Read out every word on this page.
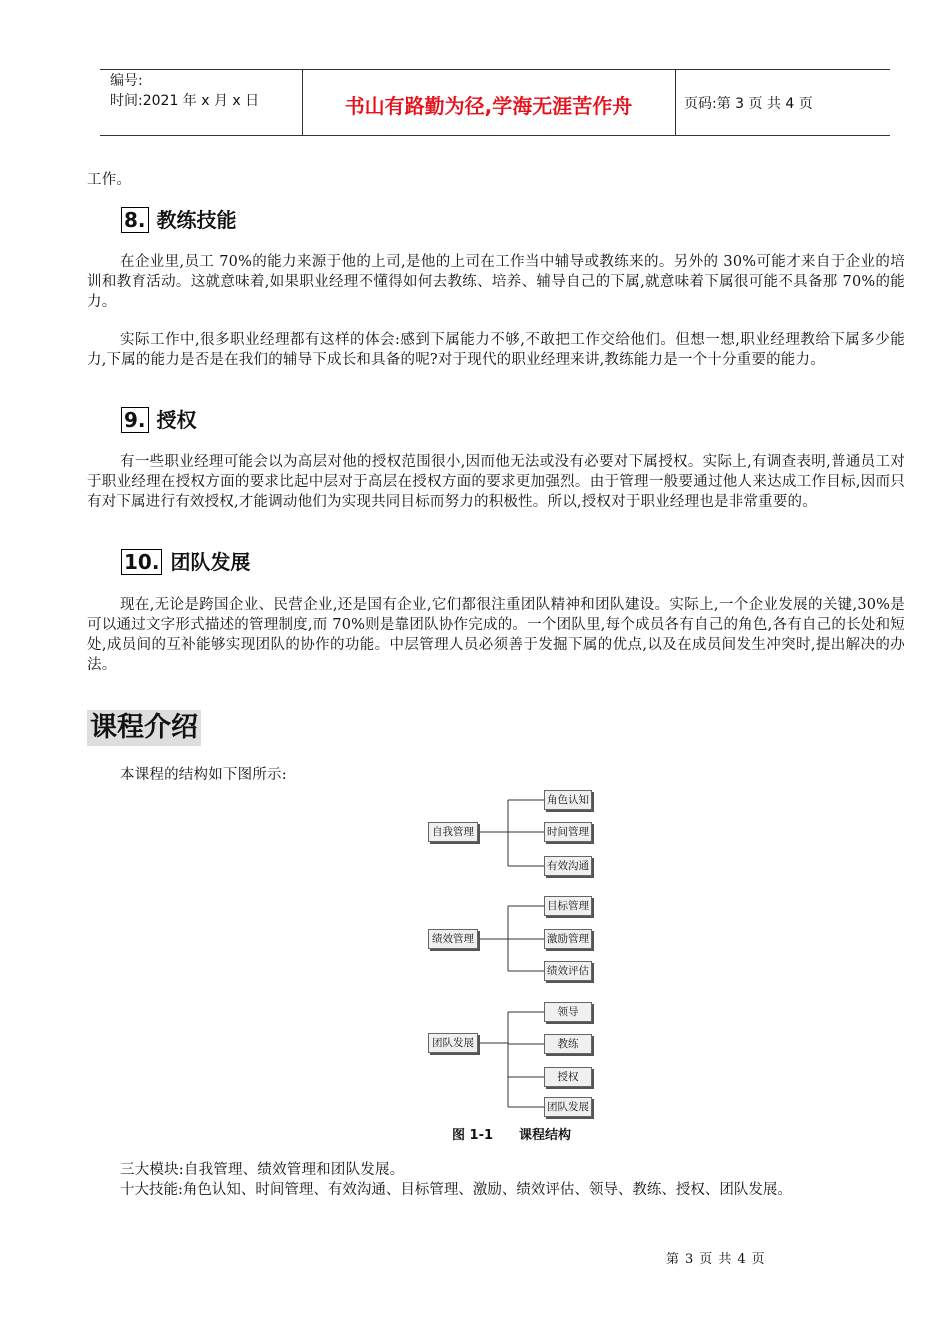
编号:
时间:2021 年 x 月 x 日	书山有路勤为径,学海无涯苦作舟	页码:第 3 页 共 4 页

工作。

8. 教练技能

在企业里,员工 70%的能力来源于他的上司,是他的上司在工作当中辅导或教练来的。另外的 30%可能才来自于企业的培训和教育活动。这就意味着,如果职业经理不懂得如何去教练、培养、辅导自己的下属,就意味着下属很可能不具备那 70%的能力。

实际工作中,很多职业经理都有这样的体会:感到下属能力不够,不敢把工作交给他们。但想一想,职业经理教给下属多少能力,下属的能力是否是在我们的辅导下成长和具备的呢?对于现代的职业经理来讲,教练能力是一个十分重要的能力。

9. 授权

有一些职业经理可能会以为高层对他的授权范围很小,因而他无法或没有必要对下属授权。实际上,有调查表明,普通员工对于职业经理在授权方面的要求比起中层对于高层在授权方面的要求更加强烈。由于管理一般要通过他人来达成工作目标,因而只有对下属进行有效授权,才能调动他们为实现共同目标而努力的积极性。所以,授权对于职业经理也是非常重要的。

10. 团队发展

现在,无论是跨国企业、民营企业,还是国有企业,它们都很注重团队精神和团队建设。实际上,一个企业发展的关键,30%是可以通过文字形式描述的管理制度,而 70%则是靠团队协作完成的。一个团队里,每个成员各有自己的角色,各有自己的长处和短处,成员间的互补能够实现团队的协作的功能。中层管理人员必须善于发掘下属的优点,以及在成员间发生冲突时,提出解决的办法。

课程介绍

本课程的结构如下图所示:

自我管理
角色认知
时间管理
有效沟通
绩效管理
目标管理
激励管理
绩效评估
团队发展
领导
教练
授权
团队发展
图 1-1 课程结构

三大模块:自我管理、绩效管理和团队发展。

十大技能:角色认知、时间管理、有效沟通、目标管理、激励、绩效评估、领导、教练、授权、团队发展。

第 3 页 共 4 页
